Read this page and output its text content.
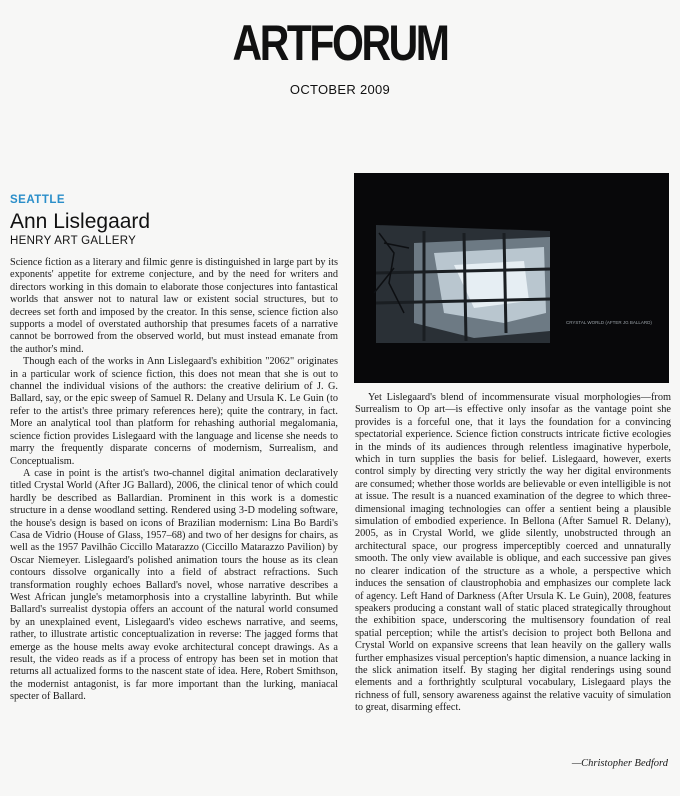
ARTFORUM
OCTOBER 2009
SEATTLE
Ann Lislegaard
HENRY ART GALLERY

Science fiction as a literary and filmic genre is distinguished in large part by its exponents' appetite for extreme conjecture, and by the need for writers and directors working in this domain to elaborate those conjectures into fantastical worlds that answer not to natural law or existent social structures, but to decrees set forth and imposed by the creator. In this sense, science fiction also supports a model of overstated authorship that presumes facets of a narrative cannot be borrowed from the observed world, but must instead emanate from the author's mind.

Though each of the works in Ann Lislegaard's exhibition "2062" originates in a particular work of science fiction, this does not mean that she is out to channel the individual visions of the authors: the creative delirium of J. G. Ballard, say, or the epic sweep of Samuel R. Delany and Ursula K. Le Guin (to refer to the artist's three primary references here); quite the contrary, in fact. More an analytical tool than platform for rehashing authorial megalomania, science fiction provides Lislegaard with the language and license she needs to marry the frequently disparate concerns of modernism, Surrealism, and Conceptualism.

A case in point is the artist's two-channel digital animation declaratively titled Crystal World (After JG Ballard), 2006, the clinical tenor of which could hardly be described as Ballardian. Prominent in this work is a domestic structure in a dense woodland setting. Rendered using 3-D modeling software, the house's design is based on icons of Brazilian modernism: Lina Bo Bardi's Casa de Vidrio (House of Glass, 1957–68) and two of her designs for chairs, as well as the 1957 Pavilhão Ciccillo Matarazzo (Ciccillo Matarazzo Pavilion) by Oscar Niemeyer. Lislegaard's polished animation tours the house as its clean contours dissolve organically into a field of abstract refractions. Such transformation roughly echoes Ballard's novel, whose narrative describes a West African jungle's metamorphosis into a crystalline labyrinth. But while Ballard's surrealist dystopia offers an account of the natural world consumed by an unexplained event, Lislegaard's video eschews narrative, and seems, rather, to illustrate artistic conceptualization in reverse: The jagged forms that emerge as the house melts away evoke architectural concept drawings. As a result, the video reads as if a process of entropy has been set in motion that returns all actualized forms to the nascent state of idea. Here, Robert Smithson, the modernist antagonist, is far more important than the lurking, maniacal specter of Ballard.

CRYSTAL WORLD (AFTER JG BALLARD)

Yet Lislegaard's blend of incommensurate visual morphologies—from Surrealism to Op art—is effective only insofar as the vantage point she provides is a forceful one, that it lays the foundation for a convincing spectatorial experience. Science fiction constructs intricate fictive ecologies in the minds of its audiences through relentless imaginative hyperbole, which in turn supplies the basis for belief. Lislegaard, however, exerts control simply by directing very strictly the way her digital environments are consumed; whether those worlds are believable or even intelligible is not at issue. The result is a nuanced examination of the degree to which three-dimensional imaging technologies can offer a sentient being a plausible simulation of embodied experience. In Bellona (After Samuel R. Delany), 2005, as in Crystal World, we glide silently, unobstructed through an architectural space, our progress imperceptibly coerced and unnaturally smooth. The only view available is oblique, and each successive pan gives no clearer indication of the structure as a whole, a perspective which induces the sensation of claustrophobia and emphasizes our complete lack of agency. Left Hand of Darkness (After Ursula K. Le Guin), 2008, features speakers producing a constant wall of static placed strategically throughout the exhibition space, underscoring the multisensory foundation of real spatial perception; while the artist's decision to project both Bellona and Crystal World on expansive screens that lean heavily on the gallery walls further emphasizes visual perception's haptic dimension, a nuance lacking in the slick animation itself. By staging her digital renderings using sound elements and a forthrightly sculptural vocabulary, Lislegaard plays the richness of full, sensory awareness against the relative vacuity of simulation to great, disarming effect.

—Christopher Bedford
